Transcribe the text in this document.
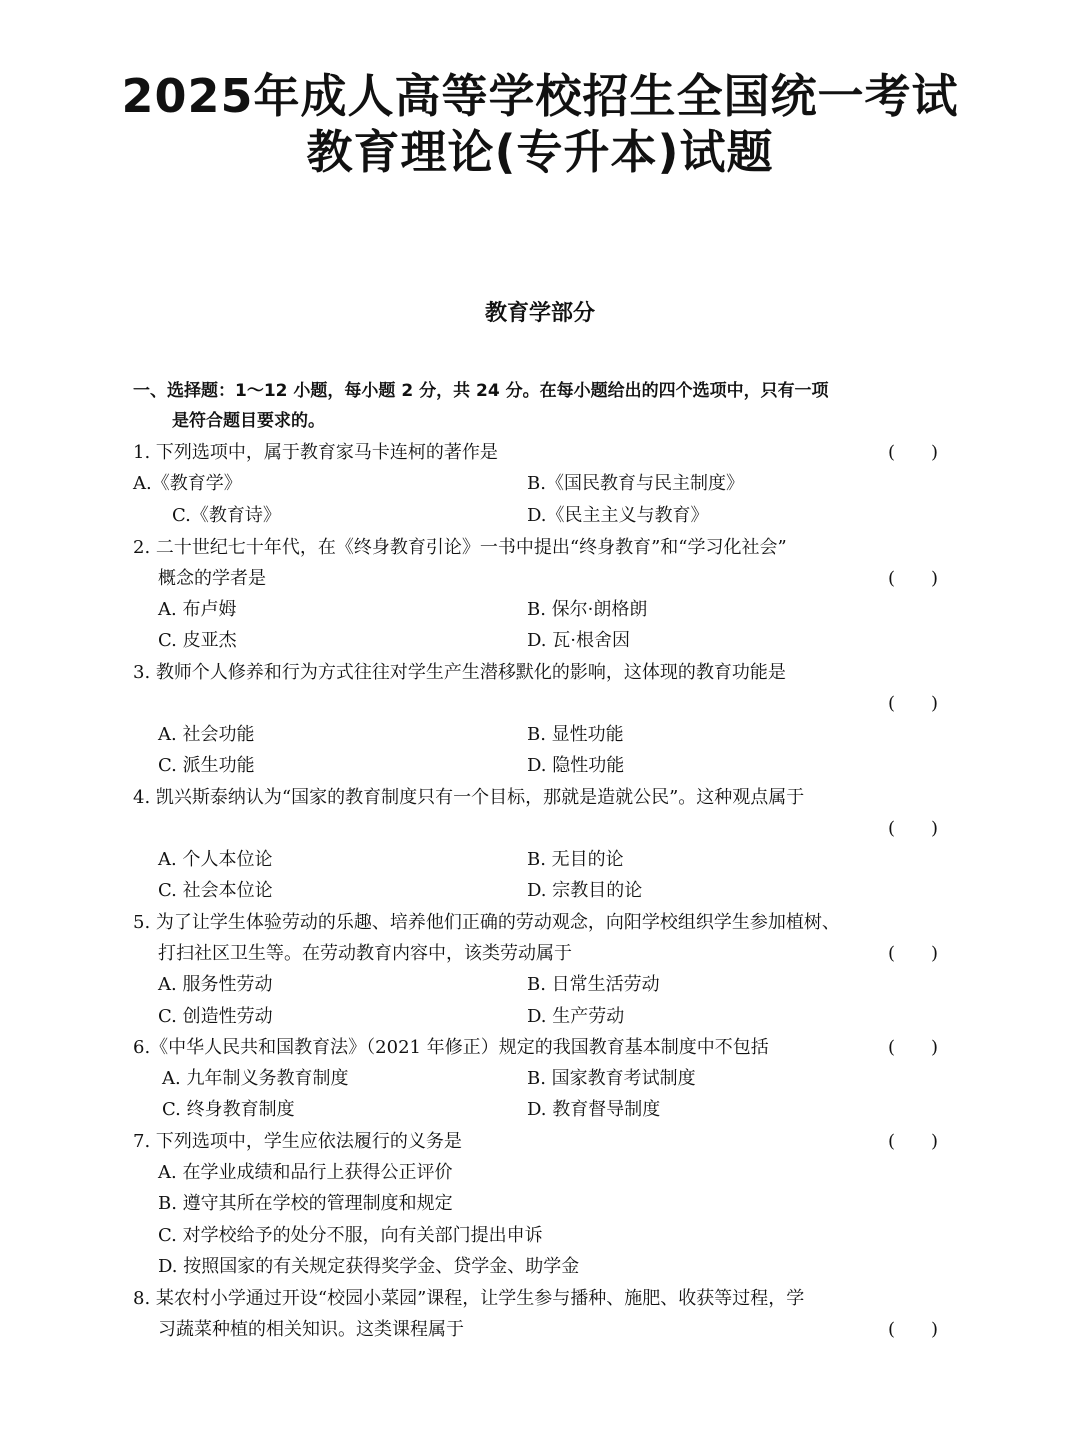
2025年成人高等学校招生全国统一考试
教育理论(专升本)试题
教育学部分
一、选择题：1～12 小题，每小题 2 分，共 24 分。在每小题给出的四个选项中，只有一项
是符合题目要求的。
1. 下列选项中，属于教育家马卡连柯的著作是	(　　)
A.《教育学》	B.《国民教育与民主制度》
C.《教育诗》	D.《民主主义与教育》
2. 二十世纪七十年代，在《终身教育引论》一书中提出“终身教育”和“学习化社会”
概念的学者是	(　　)
A. 布卢姆	B. 保尔·朗格朗
C. 皮亚杰	D. 瓦·根舍因
3. 教师个人修养和行为方式往往对学生产生潜移默化的影响，这体现的教育功能是
(　　)
A. 社会功能	B. 显性功能
C. 派生功能	D. 隐性功能
4. 凯兴斯泰纳认为“国家的教育制度只有一个目标，那就是造就公民”。这种观点属于
(　　)
A. 个人本位论	B. 无目的论
C. 社会本位论	D. 宗教目的论
5. 为了让学生体验劳动的乐趣、培养他们正确的劳动观念，向阳学校组织学生参加植树、
打扫社区卫生等。在劳动教育内容中，该类劳动属于	(　　)
A. 服务性劳动	B. 日常生活劳动
C. 创造性劳动	D. 生产劳动
6.《中华人民共和国教育法》（2021 年修正）规定的我国教育基本制度中不包括	(　　)
A. 九年制义务教育制度	B. 国家教育考试制度
C. 终身教育制度	D. 教育督导制度
7. 下列选项中，学生应依法履行的义务是	(　　)
A. 在学业成绩和品行上获得公正评价
B. 遵守其所在学校的管理制度和规定
C. 对学校给予的处分不服，向有关部门提出申诉
D. 按照国家的有关规定获得奖学金、贷学金、助学金
8. 某农村小学通过开设“校园小菜园”课程，让学生参与播种、施肥、收获等过程，学
习蔬菜种植的相关知识。这类课程属于	(　　)
